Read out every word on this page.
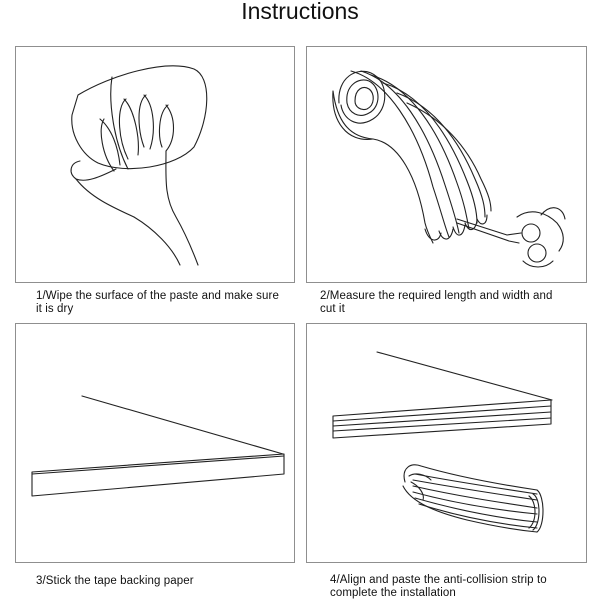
Instructions
1/Wipe the surface of the paste and make sure it is dry
2/Measure the required length and width and cut it
3/Stick the tape backing paper	4/Align and paste the anti-collision strip to complete the installation
